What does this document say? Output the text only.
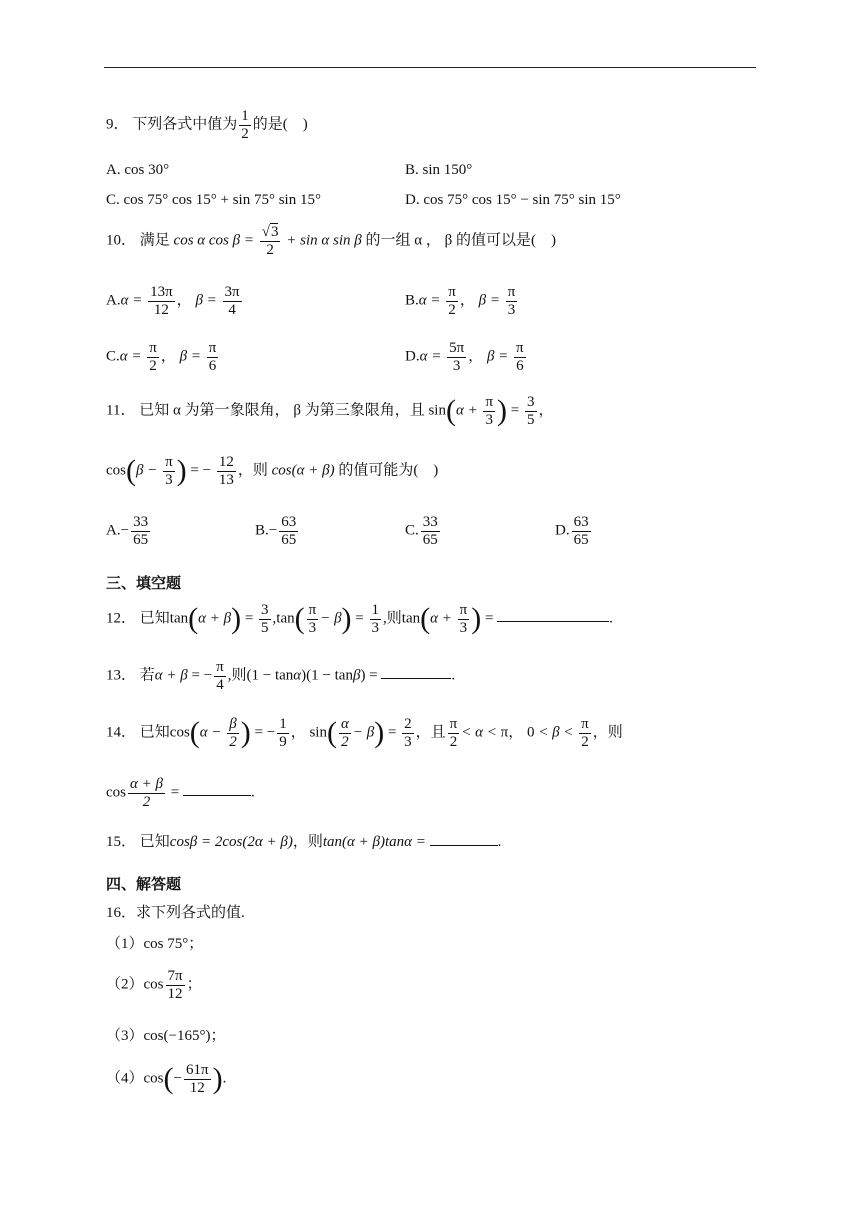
9． 下列各式中值为 $\frac{1}{2}$ 的是(　)
A. cos 30°	B. sin 150°
C. cos 75° cos 15° + sin 75° sin 15°	D. cos 75° cos 15° − sin 75° sin 15°
10． 满足 cos α $\cos \beta = \frac{√3}{2} + \sin \alpha$ sin β 的一组 α ， β 的值可以是(　)
$A.\alpha = \frac{13\pi}{12}$ ， $\beta = \frac{3\pi}{4}$	$B.\alpha = \frac{\pi}{2}$ ， $\beta = \frac{\pi}{3}$
$C.\alpha = \frac{\pi}{2}$ ， $\beta = \frac{\pi}{6}$	$D.\alpha = \frac{5\pi}{3}$ ， $\beta = \frac{\pi}{6}$
11． 已知 α 为第一象限角， β 为第三象限角，且 $\sin(\alpha + \frac{\pi}{3}$ ) = $\frac{3}{5}$ ，
$\cos(\beta - \frac{\pi}{3}$ ) = − $\frac{12}{13}$ ，则 cos(α + β) 的值可能为(　)
$A.- \frac{33}{65}$	$B.- \frac{63}{65}$	C. $\frac{33}{65}$	D. $\frac{63}{65}$
三、填空题
12． 已知$\tan(\alpha + \beta) = \frac{3}{5} ,\tan( \frac{\pi}{3} - \beta) = \frac{1}{3}$ ,则$\tan(\alpha + \frac{\pi}{3}$ ) =	.
13． 若α + β = − $\frac{\pi}{4}$ ,则(1 − tanα)(1 − tanβ) =	.
14． 已知$\cos(\alpha - \frac{\beta}{2}$ ) = − $\frac{1}{9}$ ， $\sin( \frac{\alpha}{2} - \beta) = \frac{2}{3}$ ，且 $\frac{\pi}{2} < \alpha < \pi$， $0 < \beta < \frac{\pi}{2}$ ，则
$\cos \frac{\alpha + \beta}{2}$ =	.
15． 已知cosβ = 2cos(2α + β)，则tan(α + β)tanα =	.
四、解答题
16．求下列各式的值.
（1）cos 75°；
$(2)\cos \frac{7\pi}{12}$ ；
（3）cos(−165°)；
$(4)\cos(- \frac{61\pi}{12}$ ).
